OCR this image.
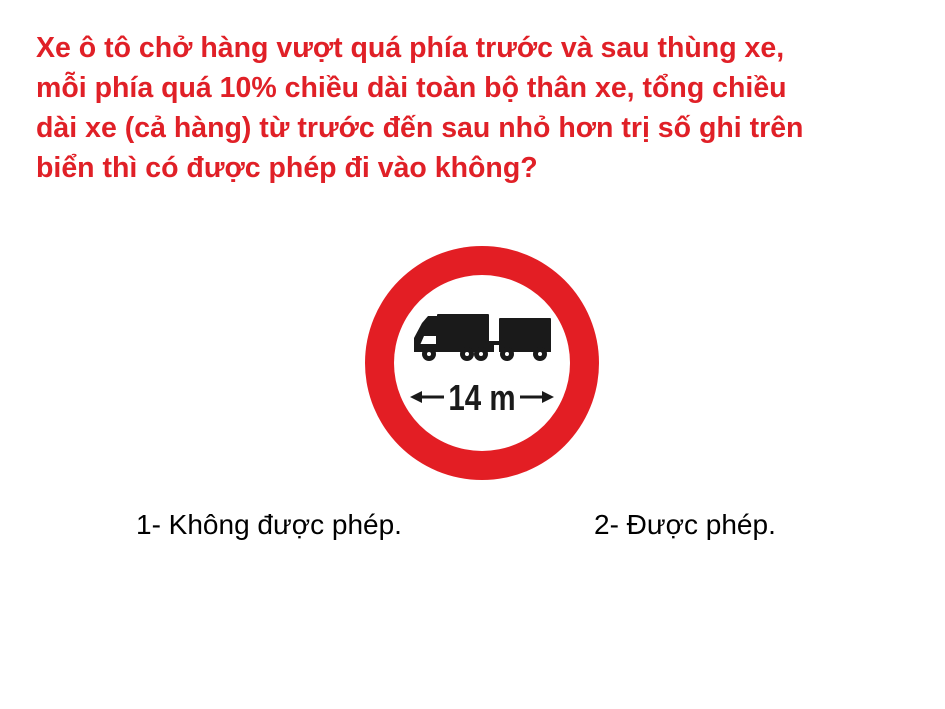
Xe ô tô chở hàng vượt quá phía trước và sau thùng xe,
mỗi phía quá 10% chiều dài toàn bộ thân xe, tổng chiều
dài xe (cả hàng) từ trước đến sau nhỏ hơn trị số ghi trên
biển thì có được phép đi vào không?

14 m
1- Không được phép.	2- Được phép.
